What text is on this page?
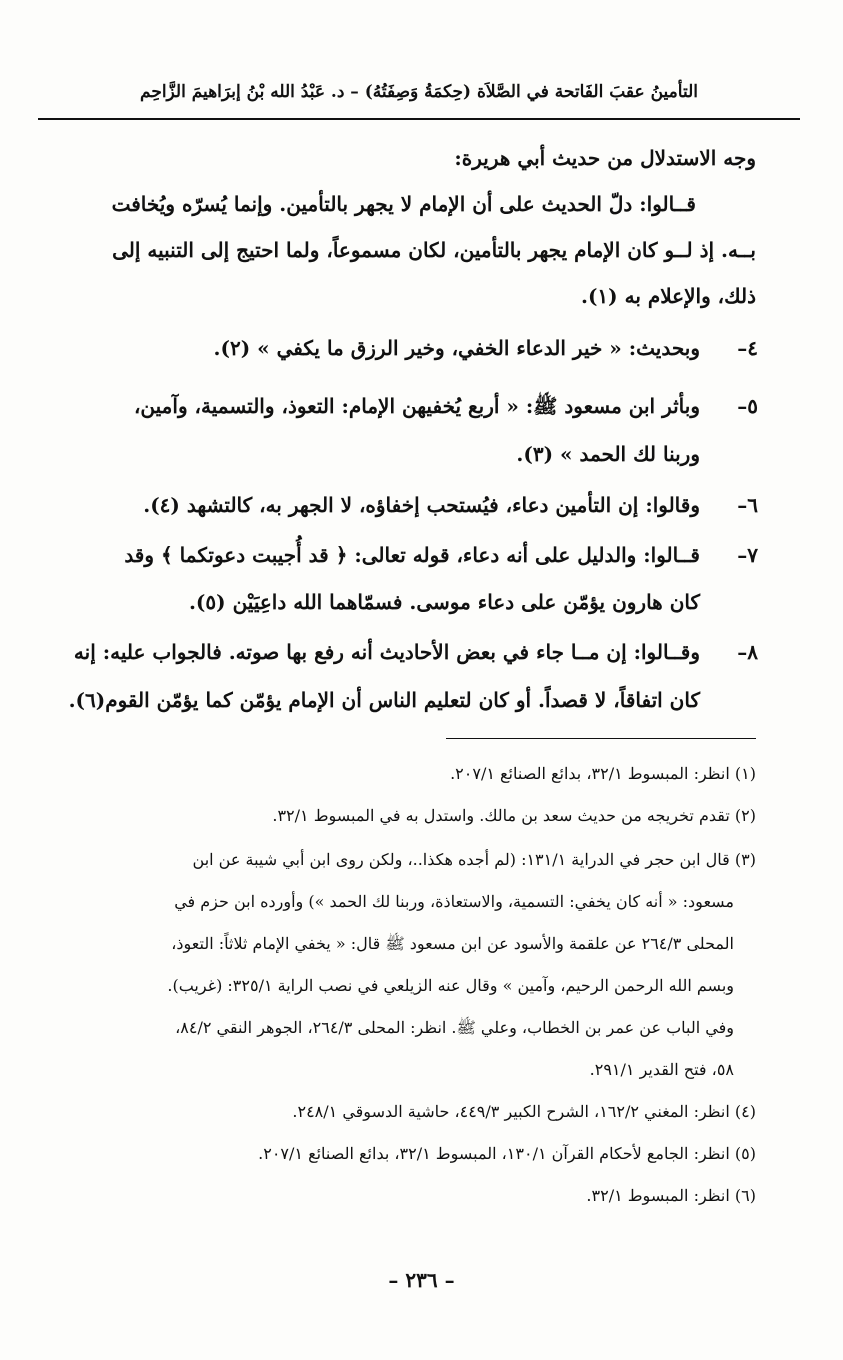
التأمينُ عقبَ الفَاتحة في الصَّلاَة (حِكمَةُ وَصِفَتُهُ) – د. عَبْدُ الله بْنُ إبرَاهيمَ الزَّاحِم
وجه الاستدلال من حديث أبي هريرة:
قــالوا: دلّ الحديث على أن الإمام لا يجهر بالتأمين. وإنما يُسرّه ويُخافت
بــه. إذ لــو كان الإمام يجهر بالتأمين، لكان مسموعاً، ولما احتيج إلى التنبيه إلى
ذلك، والإعلام به (١).
٤–
وبحديث: « خير الدعاء الخفي، وخير الرزق ما يكفي » (٢).
٥–
وبأثر ابن مسعود ﷺ: « أربع يُخفيهن الإمام: التعوذ، والتسمية، وآمين،
وربنا لك الحمد » (٣).
٦–
وقالوا: إن التأمين دعاء، فيُستحب إخفاؤه، لا الجهر به، كالتشهد (٤).
٧–
قــالوا: والدليل على أنه دعاء، قوله تعالى: ﴿ قد أُجيبت دعوتكما ﴾ وقد
كان هارون يؤمّن على دعاء موسى. فسمّاهما الله داعِيَيْن (٥).
٨–
وقــالوا: إن مــا جاء في بعض الأحاديث أنه رفع بها صوته. فالجواب عليه: إنه
كان اتفاقاً، لا قصداً. أو كان لتعليم الناس أن الإمام يؤمّن كما يؤمّن القوم(٦).
(١) انظر: المبسوط ٣٢/١، بدائع الصنائع ٢٠٧/١.
(٢) تقدم تخريجه من حديث سعد بن مالك. واستدل به في المبسوط ٣٢/١.
(٣) قال ابن حجر في الدراية ١٣١/١: (لم أجده هكذا..، ولكن روى ابن أبي شيبة عن ابن
مسعود: « أنه كان يخفي: التسمية، والاستعاذة، وربنا لك الحمد ») وأورده ابن حزم في
المحلى ٢٦٤/٣ عن علقمة والأسود عن ابن مسعود ﷺ قال: « يخفي الإمام ثلاثاً: التعوذ،
وبسم الله الرحمن الرحيم، وآمين » وقال عنه الزيلعي في نصب الراية ٣٢٥/١: (غريب).
وفي الباب عن عمر بن الخطاب، وعلي ﷺ. انظر: المحلى ٢٦٤/٣، الجوهر النقي ٨٤/٢،
٥٨، فتح القدير ٢٩١/١.
(٤) انظر: المغني ١٦٢/٢، الشرح الكبير ٤٤٩/٣، حاشية الدسوقي ٢٤٨/١.
(٥) انظر: الجامع لأحكام القرآن ١٣٠/١، المبسوط ٣٢/١، بدائع الصنائع ٢٠٧/١.
(٦) انظر: المبسوط ٣٢/١.
– ٢٣٦ –
